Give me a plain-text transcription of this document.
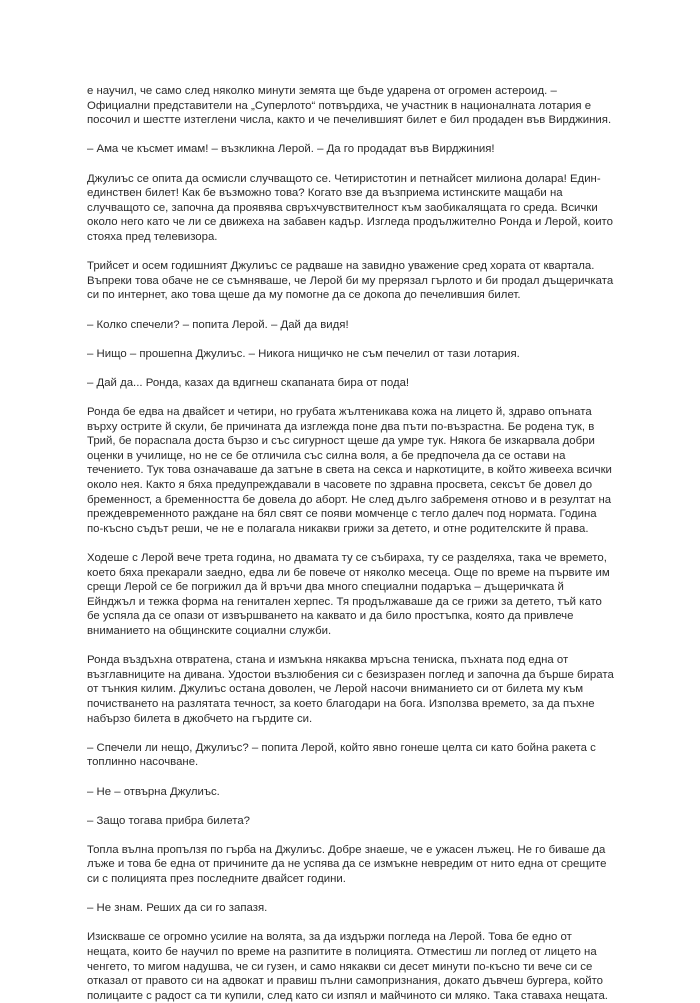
е научил, че само след няколко минути земята ще бъде ударена от огромен астероид. – Официални представители на „Суперлото“ потвърдиха, че участник в националната лотария е посочил и шестте изтеглени числа, както и че печелившият билет е бил продаден във Вирджиния.

– Ама че късмет имам! – възкликна Лерой. – Да го продадат във Вирджиния!

Джулиъс се опита да осмисли случващото се. Четиристотин и петнайсет милиона долара! Един-единствен билет! Как бе възможно това? Когато взе да възприема истинските мащаби на случващото се, започна да проявява свръхчувствителност към заобикалящата го среда. Всички около него като че ли се движеха на забавен кадър. Изгледа продължително Ронда и Лерой, които стояха пред телевизора.

Трийсет и осем годишният Джулиъс се радваше на завидно уважение сред хората от квартала. Въпреки това обаче не се съмняваше, че Лерой би му прерязал гърлото и би продал дъщеричката си по интернет, ако това щеше да му помогне да се докопа до печелившия билет.

– Колко спечели? – попита Лерой. – Дай да видя!

– Нищо – прошепна Джулиъс. – Никога нищичко не съм печелил от тази лотария.

– Дай да... Ронда, казах да вдигнеш скапаната бира от пода!

Ронда бе едва на двайсет и четири, но грубата жълтеникава кожа на лицето й, здраво опъната върху острите й скули, бе причината да изглежда поне два пъти по-възрастна. Бе родена тук, в Трий, бе порасnала доста бързо и със сигурност щеше да умре тук. Някога бе изкарвала добри оценки в училище, но не се бе отличила със силна воля, а бе предпочела да се остави на течението. Тук това означаваше да затъне в света на секса и наркотиците, в който живееха всички около нея. Както я бяха предупреждавали в часовете по здравна просвета, сексът бе довел до бременност, а бременността бе довела до аборт. Не след дълго забременя отново и в резултат на преждевременното раждане на бял свят се появи момченце с тегло далеч под нормата. Година по-късно съдът реши, че не е полагала никакви грижи за детето, и отне родителските й права.

Ходеше с Лерой вече трета година, но двамата ту се събираха, ту се разделяха, така че времето, което бяха прекарали заедно, едва ли бе повече от няколко месеца. Още по време на първите им срещи Лерой се бе погрижил да й връчи два много специални подаръка – дъщеричката й Ейнджъл и тежка форма на гениталeн херпес. Тя продължаваше да се грижи за детето, тъй като бе успяла да се опази от извършването на каквато и да било простъпка, която да привлече вниманието на общинските социални служби.

Ронда въздъхна отвратена, стана и измъкна някаква мръсна тениска, пъхната под една от възглавниците на дивана. Удостои възлюбения си с безизразен поглед и започна да бърше бирата от тънкия килим. Джулиъс остана доволен, че Лерой насочи вниманието си от билета му към почистването на разлятата течност, за което благодари на бога. Използва времето, за да пъхне набързо билета в джобчето на гърдите си.

– Спечели ли нещо, Джулиъс? – попита Лерой, който явно гонеше целта си като бойна ракета с топлинно насочване.

– Не – отвърна Джулиъс.

– Защо тогава прибра билета?

Топла вълна пропълзя по гърба на Джулиъс. Добре знаеше, че е ужасен лъжец. Не го биваше да лъже и това бе една от причините да не успява да се измъкне невредим от нито една от срещите си с полицията през последните двайсет години.

– Не знам. Реших да си го запазя.

Изискваше се огромно усилие на волята, за да издържи погледа на Лерой. Това бе едно от нещата, които бе научил по време на разпитите в полицията. Отместиш ли поглед от лицето на ченгето, то мигом надушва, че си гузен, и само някакви си десет минути по-късно ти вече си се отказал от правото си на адвокат и правиш пълни самопризнания, докато дъвчеш бургера, който полицаите с радост са ти купили, след като си изпял и майчиното си мляко. Така ставаха нещата.
